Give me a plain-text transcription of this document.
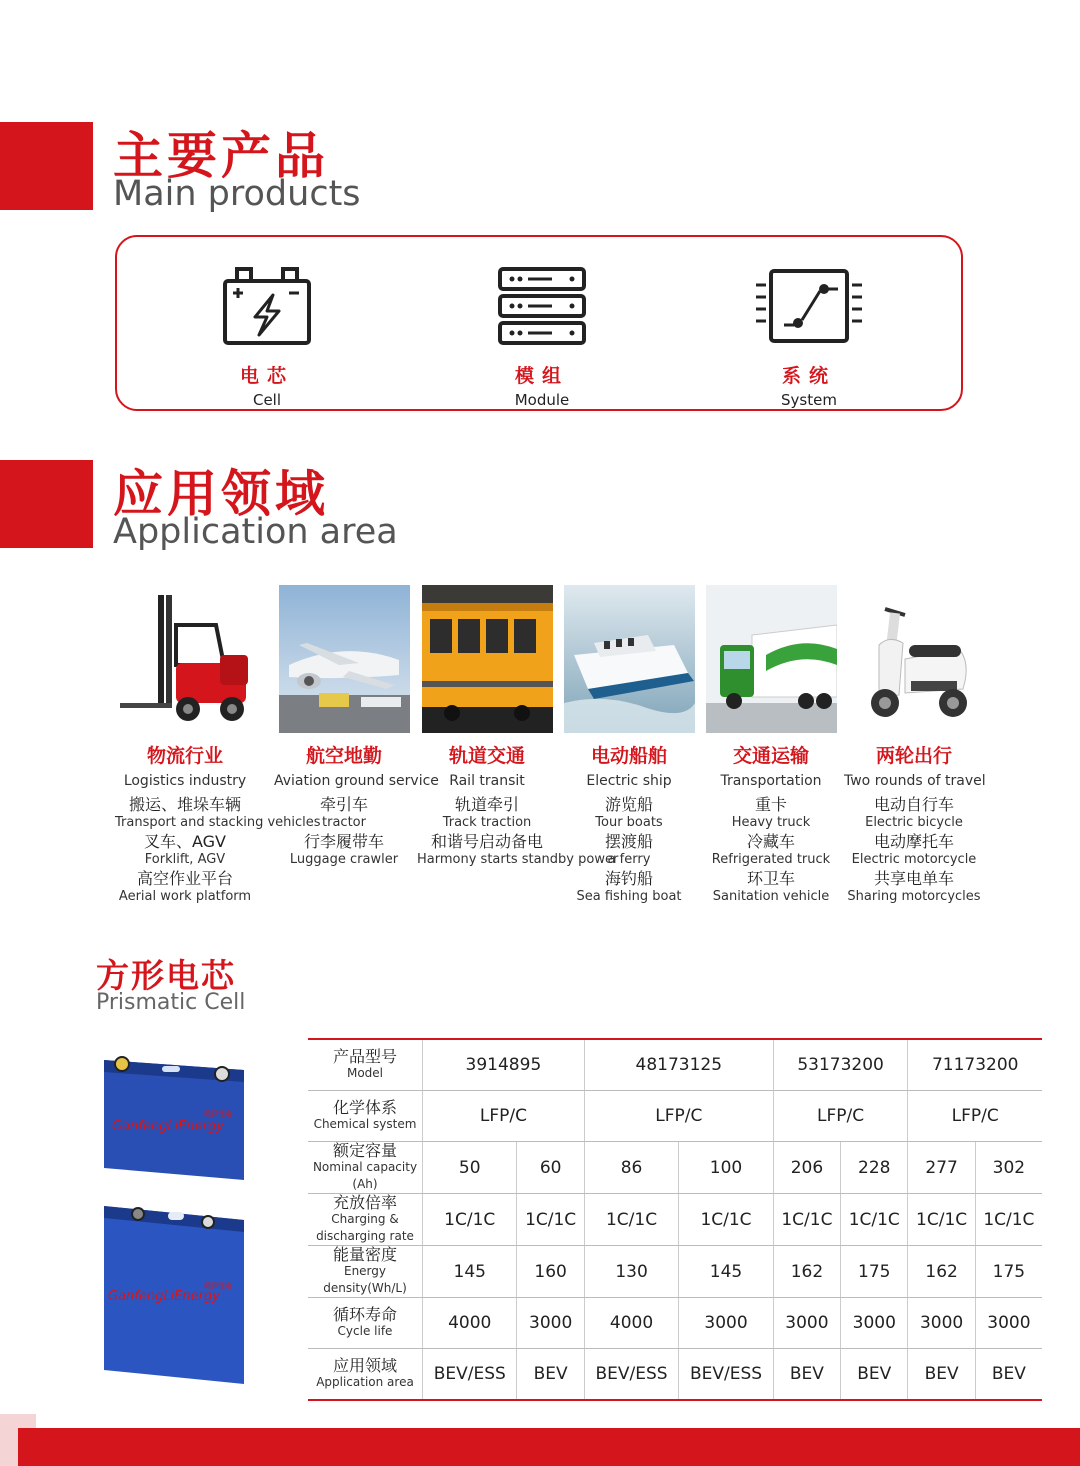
主要产品
Main products
电芯
Cell
模组
Module
系统
System
应用领域
Application area
物流行业
Logistics industry
搬运、堆垛车辆
Transport and stacking vehicles
叉车、AGV
Forklift, AGV
高空作业平台
Aerial work platform
航空地勤
Aviation ground service
牵引车
tractor
行李履带车
Luggage crawler
轨道交通
Rail transit
轨道牵引
Track traction
和谐号启动备电
Harmony starts standby power
电动船舶
Electric ship
游览船
Tour boats
摆渡船
a ferry
海钓船
Sea fishing boat
交通运输
Transportation
重卡
Heavy truck
冷藏车
Refrigerated truck
环卫车
Sanitation vehicle
两轮出行
Two rounds of travel
电动自行车
Electric bicycle
电动摩托车
Electric motorcycle
共享电单车
Sharing motorcycles
方形电芯
Prismatic Cell
GanfengLiEnergy
赣锋锂电
GanfengLiEnergy
赣锋锂电
产品型号
Model	3914895		48173125		53173200		71173200	

化学体系
Chemical system	LFP/C		LFP/C		LFP/C		LFP/C	

额定容量
Nominal capacity (Ah)	50	60	86	100	206	228	277	302

充放倍率
Charging & discharging rate	1C/1C	1C/1C	1C/1C	1C/1C	1C/1C	1C/1C	1C/1C	1C/1C

能量密度
Energy density(Wh/L)	145	160	130	145	162	175	162	175

循环寿命
Cycle life	4000	3000	4000	3000	3000	3000	3000	3000

应用领域
Application area	BEV/ESS	BEV	BEV/ESS	BEV/ESS	BEV	BEV	BEV	BEV
